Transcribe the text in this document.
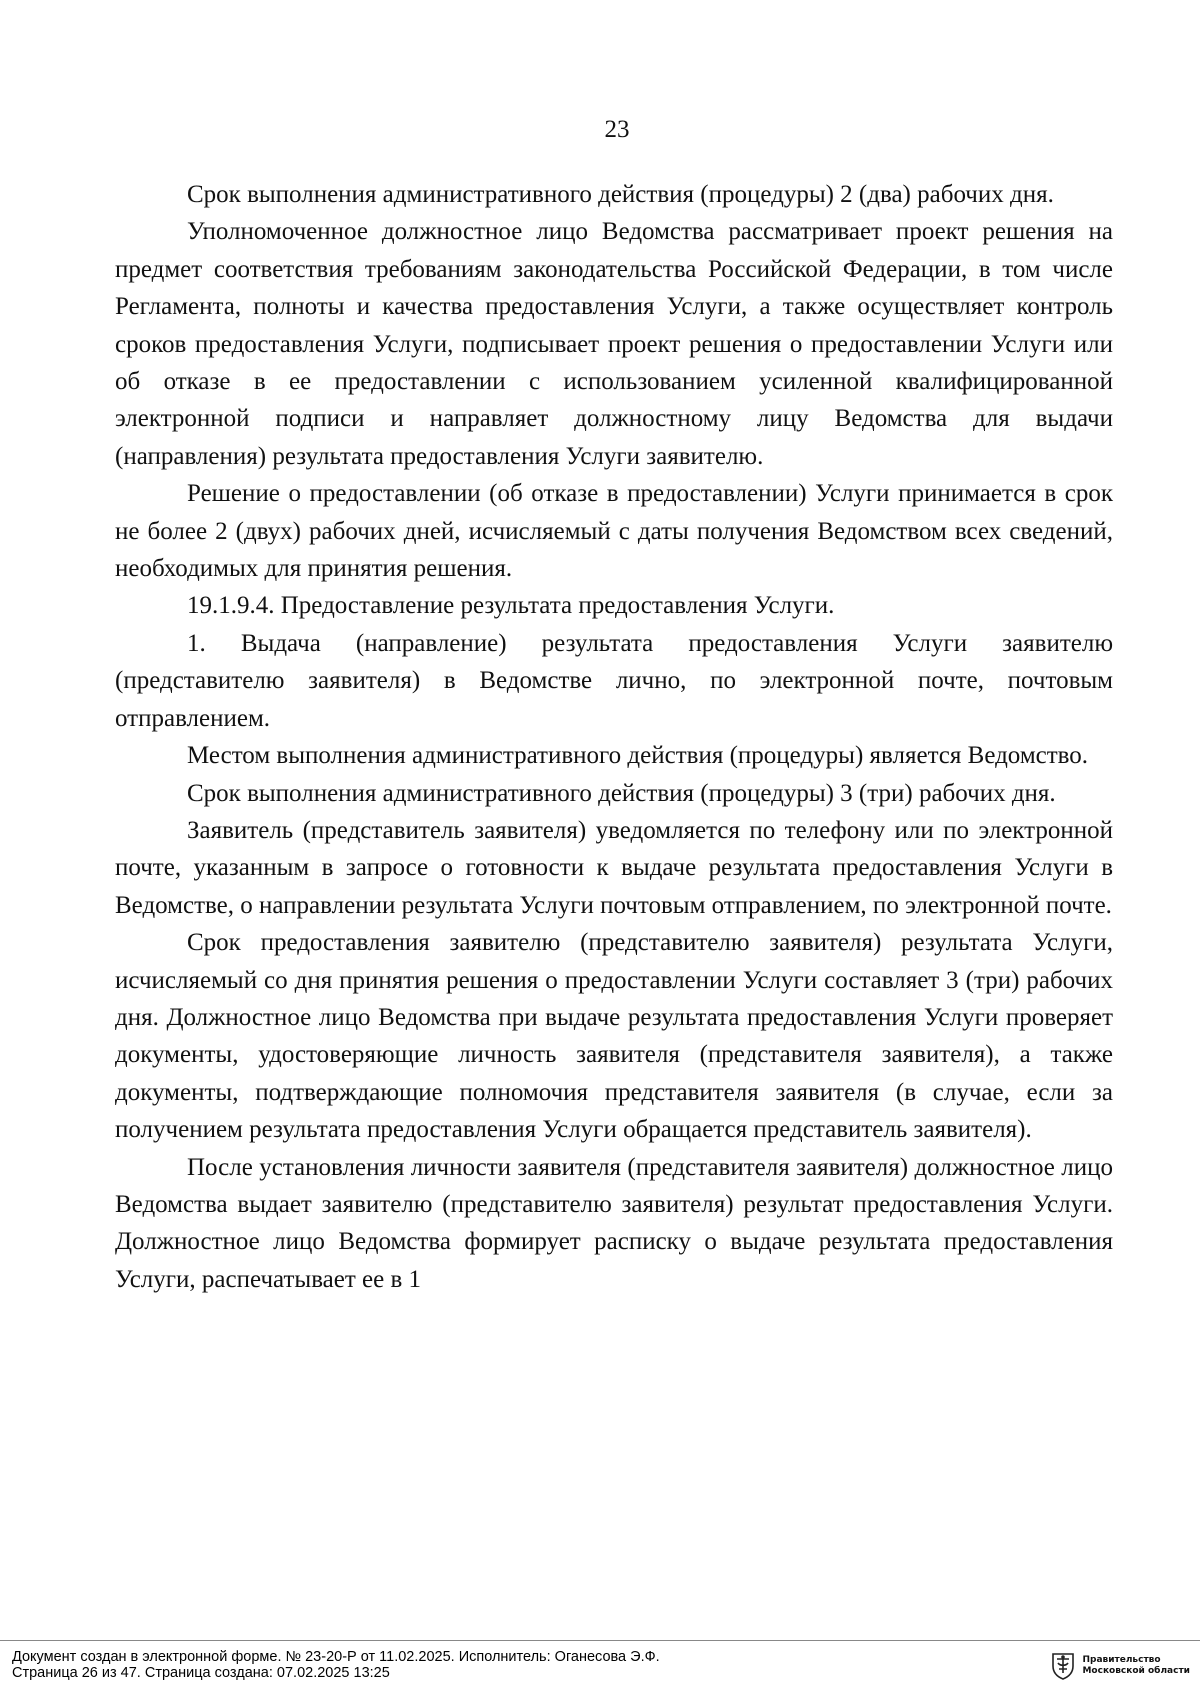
23

Срок выполнения административного действия (процедуры) 2 (два) рабочих дня.

Уполномоченное должностное лицо Ведомства рассматривает проект решения на предмет соответствия требованиям законодательства Российской Федерации, в том числе Регламента, полноты и качества предоставления Услуги, а также осуществляет контроль сроков предоставления Услуги, подписывает проект решения о предоставлении Услуги или об отказе в ее предоставлении с использованием усиленной квалифицированной электронной подписи и направляет должностному лицу Ведомства для выдачи (направления) результата предоставления Услуги заявителю.

Решение о предоставлении (об отказе в предоставлении) Услуги принимается в срок не более 2 (двух) рабочих дней, исчисляемый с даты получения Ведомством всех сведений, необходимых для принятия решения.

19.1.9.4. Предоставление результата предоставления Услуги.

1. Выдача (направление) результата предоставления Услуги заявителю (представителю заявителя) в Ведомстве лично, по электронной почте, почтовым отправлением.

Местом выполнения административного действия (процедуры) является Ведомство.

Срок выполнения административного действия (процедуры) 3 (три) рабочих дня.

Заявитель (представитель заявителя) уведомляется по телефону или по электронной почте, указанным в запросе о готовности к выдаче результата предоставления Услуги в Ведомстве, о направлении результата Услуги почтовым отправлением, по электронной почте.

Срок предоставления заявителю (представителю заявителя) результата Услуги, исчисляемый со дня принятия решения о предоставлении Услуги составляет 3 (три) рабочих дня. Должностное лицо Ведомства при выдаче результата предоставления Услуги проверяет документы, удостоверяющие личность заявителя (представителя заявителя), а также документы, подтверждающие полномочия представителя заявителя (в случае, если за получением результата предоставления Услуги обращается представитель заявителя).

После установления личности заявителя (представителя заявителя) должностное лицо Ведомства выдает заявителю (представителю заявителя) результат предоставления Услуги. Должностное лицо Ведомства формирует расписку о выдаче результата предоставления Услуги, распечатывает ее в 1

Документ создан в электронной форме. № 23-20-Р от 11.02.2025. Исполнитель: Оганесова Э.Ф.
Страница 26 из 47. Страница создана: 07.02.2025 13:25
Правительство
Московской области
